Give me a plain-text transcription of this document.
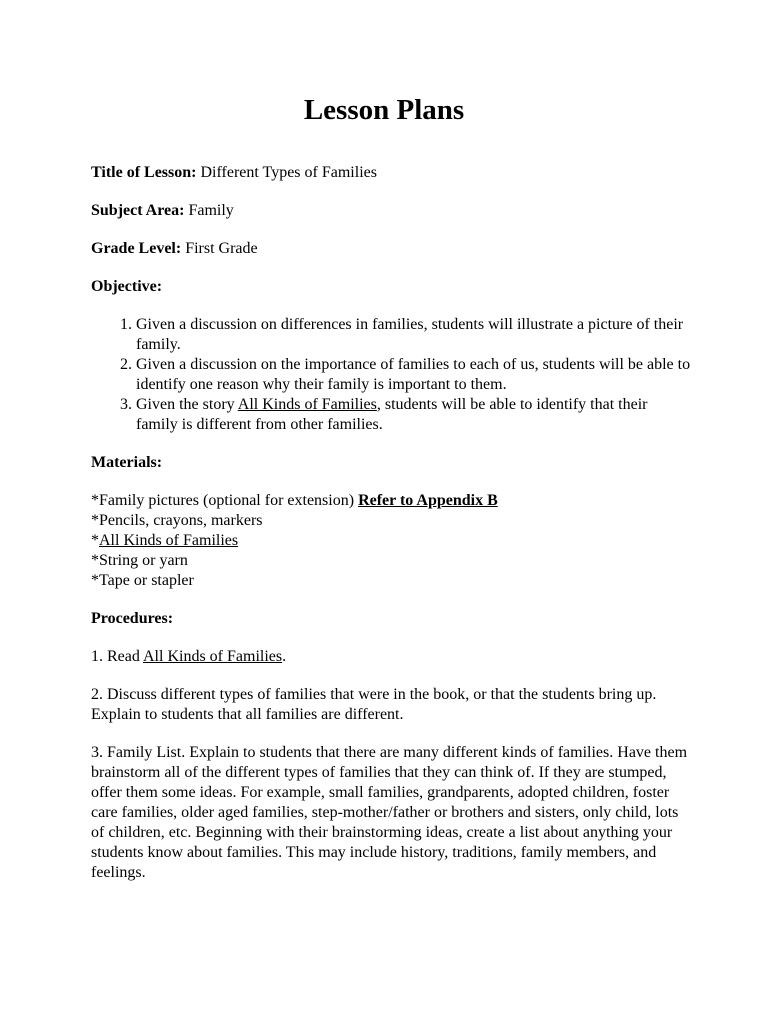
Lesson Plans

Title of Lesson: Different Types of Families

Subject Area: Family

Grade Level: First Grade

Objective:

1. Given a discussion on differences in families, students will illustrate a picture of their family.
2. Given a discussion on the importance of families to each of us, students will be able to identify one reason why their family is important to them.
3. Given the story All Kinds of Families, students will be able to identify that their family is different from other families.

Materials:

*Family pictures (optional for extension) Refer to Appendix B

*Pencils, crayons, markers

*All Kinds of Families

*String or yarn

*Tape or stapler

Procedures:

1. Read All Kinds of Families.

2. Discuss different types of families that were in the book, or that the students bring up. Explain to students that all families are different.

3. Family List. Explain to students that there are many different kinds of families. Have them brainstorm all of the different types of families that they can think of. If they are stumped, offer them some ideas. For example, small families, grandparents, adopted children, foster care families, older aged families, step-mother/father or brothers and sisters, only child, lots of children, etc. Beginning with their brainstorming ideas, create a list about anything your students know about families. This may include history, traditions, family members, and feelings.
